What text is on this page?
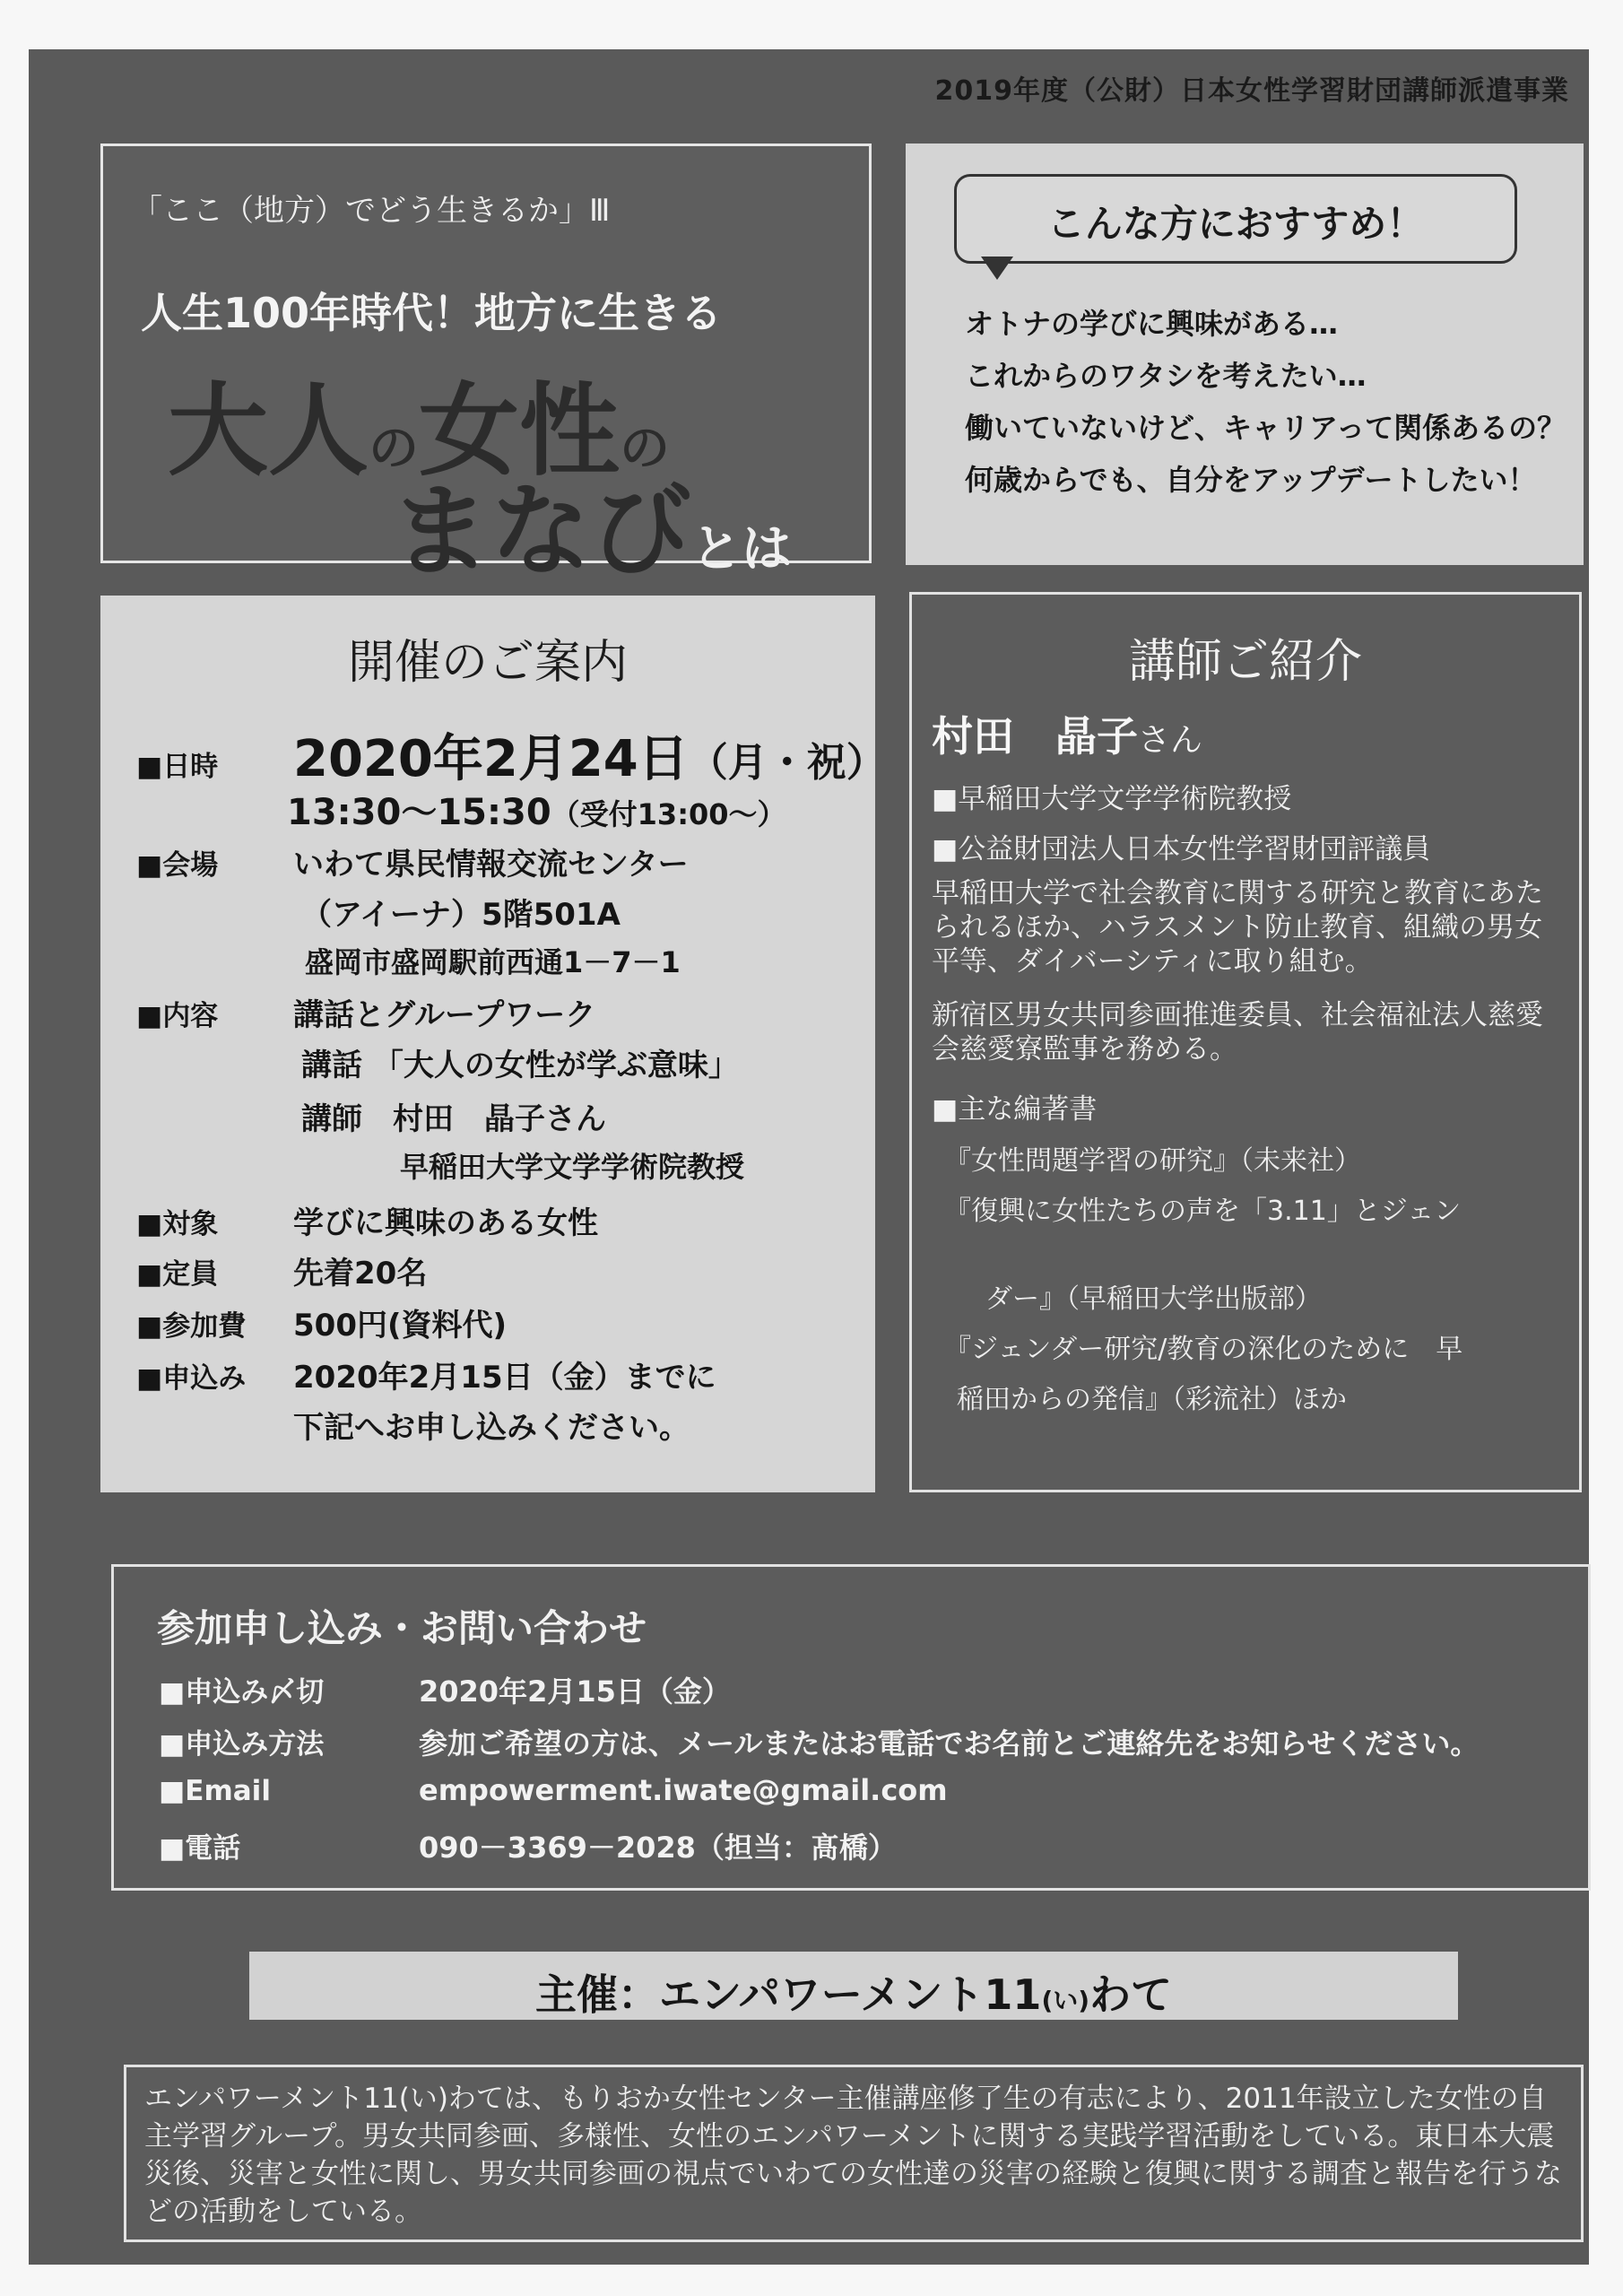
2019年度（公財）日本女性学習財団講師派遣事業
「ここ（地方）でどう生きるか」Ⅲ
人生100年時代！地方に生きる
大人の女性の
まなびとは
こんな方におすすめ！
オトナの学びに興味がある…
これからのワタシを考えたい…
働いていないけど、キャリアって関係あるの？
何歳からでも、自分をアップデートしたい！
開催のご案内
■日時 2020年2月24日（月・祝）
13:30～15:30（受付13:00～）
■会場 いわて県民情報交流センター
（アイーナ）5階501A
盛岡市盛岡駅前西通1－7－1
■内容 講話とグループワーク
講話 「大人の女性が学ぶ意味」
講師　村田　晶子さん
早稲田大学文学学術院教授
■対象 学びに興味のある女性
■定員 先着20名
■参加費 500円(資料代)
■申込み 2020年2月15日（金）までに
下記へお申し込みください。
講師ご紹介
村田　晶子さん
■早稲田大学文学学術院教授
■公益財団法人日本女性学習財団評議員
早稲田大学で社会教育に関する研究と教育にあたられるほか、ハラスメント防止教育、組織の男女平等、ダイバーシティに取り組む。
新宿区男女共同参画推進委員、社会福祉法人慈愛会慈愛寮監事を務める。
■主な編著書
『女性問題学習の研究』（未来社）
『復興に女性たちの声を「3.11」とジェン
ダー』（早稲田大学出版部）
『ジェンダー研究/教育の深化のために　早
稲田からの発信』（彩流社）ほか
参加申し込み・お問い合わせ
■申込み〆切	2020年2月15日（金）
■申込み方法	参加ご希望の方は、メールまたはお電話でお名前とご連絡先をお知らせください。
■Email	empowerment.iwate@gmail.com
■電話	090－3369－2028（担当：髙橋）
主催：エンパワーメント11(い)わて
エンパワーメント11(い)わては、もりおか女性センター主催講座修了生の有志により、2011年設立した女性の自主学習グループ。男女共同参画、多様性、女性のエンパワーメントに関する実践学習活動をしている。東日本大震災後、災害と女性に関し、男女共同参画の視点でいわての女性達の災害の経験と復興に関する調査と報告を行うなどの活動をしている。
